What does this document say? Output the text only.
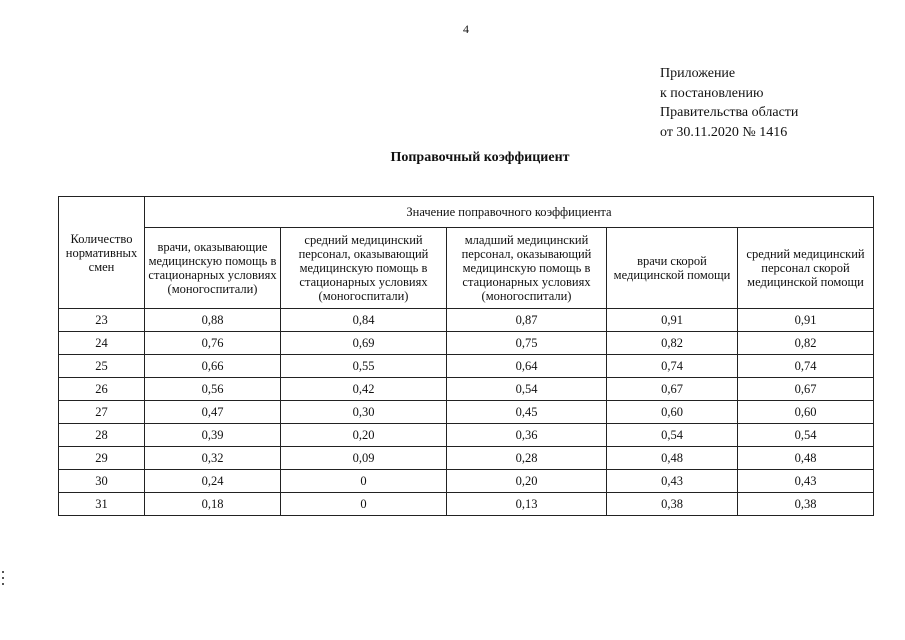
4
Приложение
к постановлению
Правительства области
от 30.11.2020 № 1416
Поправочный коэффициент
Количество нормативных смен	Значение поправочного коэффициента				
	врачи, оказывающие медицинскую помощь в стационарных условиях (моногоспитали)	средний медицинский персонал, оказывающий медицинскую помощь в стационарных условиях (моногоспитали)	младший медицинский персонал, оказывающий медицинскую помощь в стационарных условиях (моногоспитали)	врачи скорой медицинской помощи	средний медицинский персонал скорой медицинской помощи
23	0,88	0,84	0,87	0,91	0,91
24	0,76	0,69	0,75	0,82	0,82
25	0,66	0,55	0,64	0,74	0,74
26	0,56	0,42	0,54	0,67	0,67
27	0,47	0,30	0,45	0,60	0,60
28	0,39	0,20	0,36	0,54	0,54
29	0,32	0,09	0,28	0,48	0,48
30	0,24	0	0,20	0,43	0,43
31	0,18	0	0,13	0,38	0,38
